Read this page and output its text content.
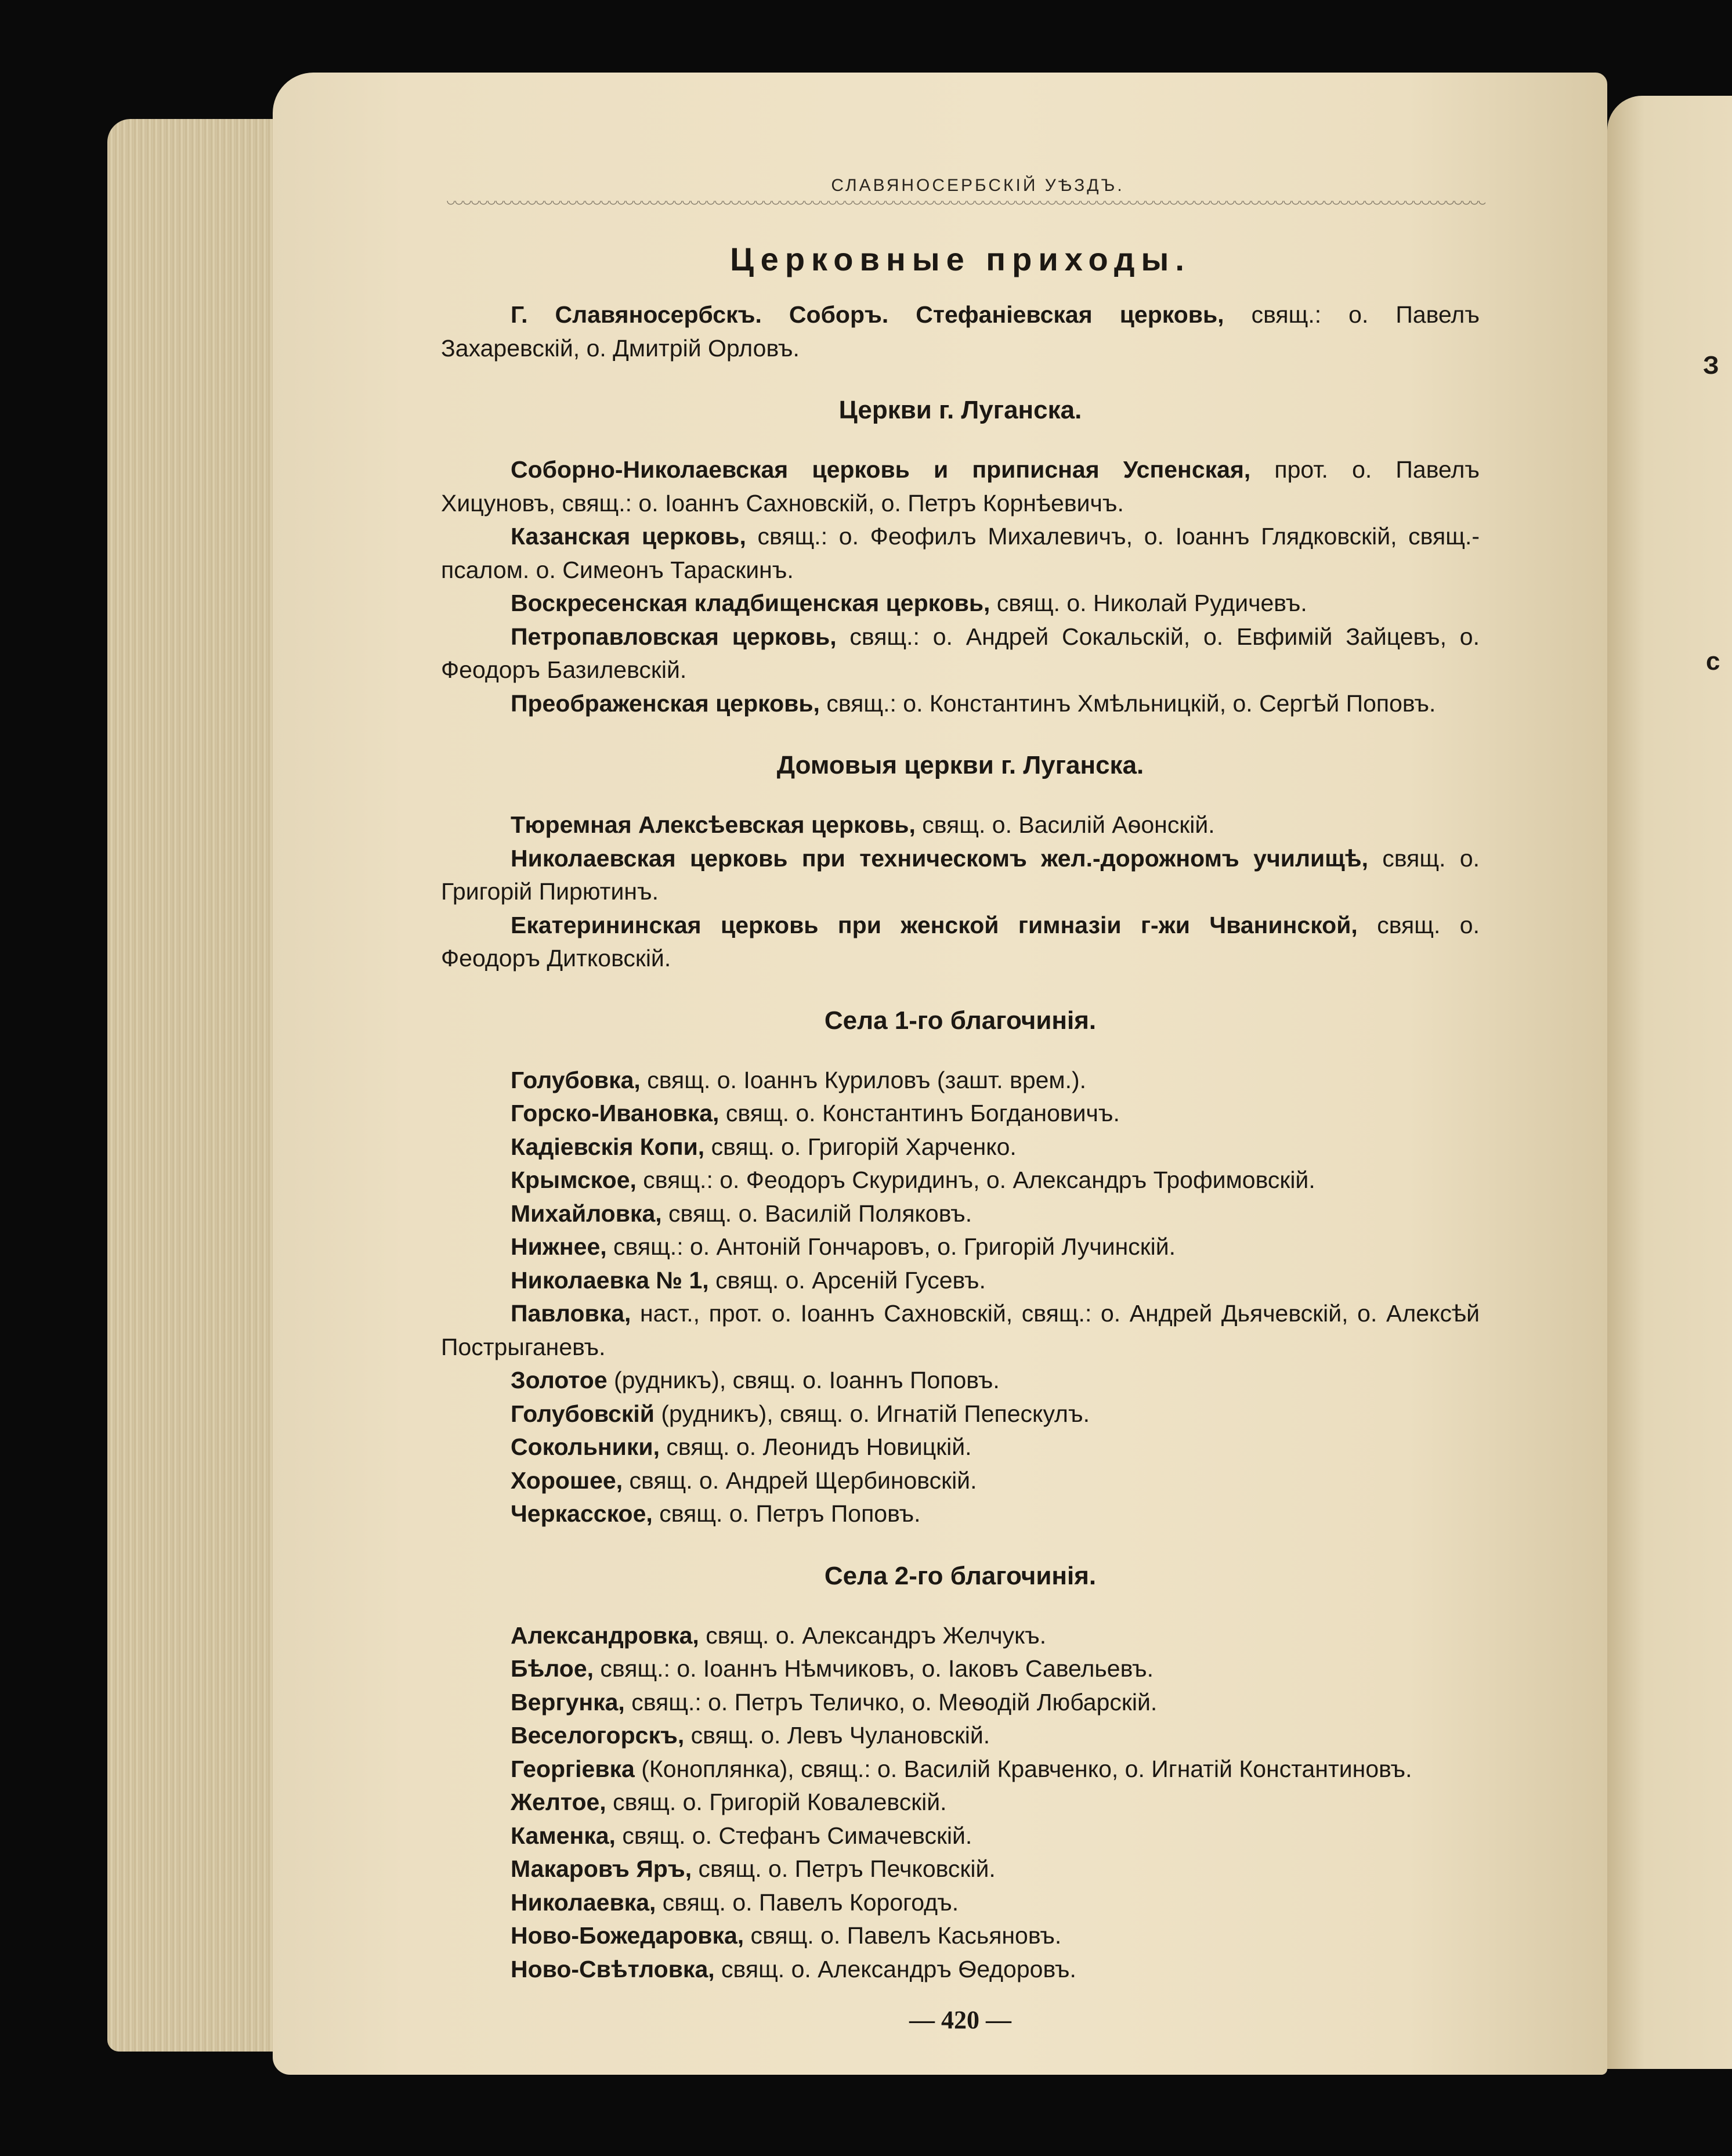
З
с
СЛАВЯНОСЕРБСКІЙ УѢЗДЪ.
Церковные приходы.
Г. Славяносербскъ. Соборъ. Стефаніевская церковь, свящ.: о. Павелъ Захаревскій, о. Дмитрій Орловъ.
Церкви г. Луганска.
Соборно-Николаевская церковь и приписная Успенская, прот. о. Павелъ Хицуновъ, свящ.: о. Іоаннъ Сахновскій, о. Петръ Корнѣевичъ.
Казанская церковь, свящ.: о. Феофилъ Михалевичъ, о. Іоаннъ Глядковскій, свящ.-псалом. о. Симеонъ Тараскинъ.
Воскресенская кладбищенская церковь, свящ. о. Николай Рудичевъ.
Петропавловская церковь, свящ.: о. Андрей Сокальскій, о. Евфимій Зайцевъ, о. Феодоръ Базилевскій.
Преображенская церковь, свящ.: о. Константинъ Хмѣльницкій, о. Сергѣй Поповъ.
Домовыя церкви г. Луганска.
Тюремная Алексѣевская церковь, свящ. о. Василій Аѳонскій.
Николаевская церковь при техническомъ жел.-дорожномъ училищѣ, свящ. о. Григорій Пирютинъ.
Екатерининская церковь при женской гимназіи г-жи Чванинской, свящ. о. Феодоръ Дитковскій.
Села 1-го благочинія.
Голубовка, свящ. о. Іоаннъ Куриловъ (зашт. врем.).
Горско-Ивановка, свящ. о. Константинъ Богдановичъ.
Кадіевскія Копи, свящ. о. Григорій Харченко.
Крымское, свящ.: о. Феодоръ Скуридинъ, о. Александръ Трофимовскій.
Михайловка, свящ. о. Василій Поляковъ.
Нижнее, свящ.: о. Антоній Гончаровъ, о. Григорій Лучинскій.
Николаевка № 1, свящ. о. Арсеній Гусевъ.
Павловка, наст., прот. о. Іоаннъ Сахновскій, свящ.: о. Андрей Дьячевскій, о. Алексѣй Пострыганевъ.
Золотое (рудникъ), свящ. о. Іоаннъ Поповъ.
Голубовскій (рудникъ), свящ. о. Игнатій Пепескулъ.
Сокольники, свящ. о. Леонидъ Новицкій.
Хорошее, свящ. о. Андрей Щербиновскій.
Черкасское, свящ. о. Петръ Поповъ.
Села 2-го благочинія.
Александровка, свящ. о. Александръ Желчукъ.
Бѣлое, свящ.: о. Іоаннъ Нѣмчиковъ, о. Іаковъ Савельевъ.
Вергунка, свящ.: о. Петръ Теличко, о. Меѳодій Любарскій.
Веселогорскъ, свящ. о. Левъ Чулановскій.
Георгіевка (Коноплянка), свящ.: о. Василій Кравченко, о. Игнатій Константиновъ.
Желтое, свящ. о. Григорій Ковалевскій.
Каменка, свящ. о. Стефанъ Симачевскій.
Макаровъ Яръ, свящ. о. Петръ Печковскій.
Николаевка, свящ. о. Павелъ Корогодъ.
Ново-Божедаровка, свящ. о. Павелъ Касьяновъ.
Ново-Свѣтловка, свящ. о. Александръ Ѳедоровъ.
— 420 —
